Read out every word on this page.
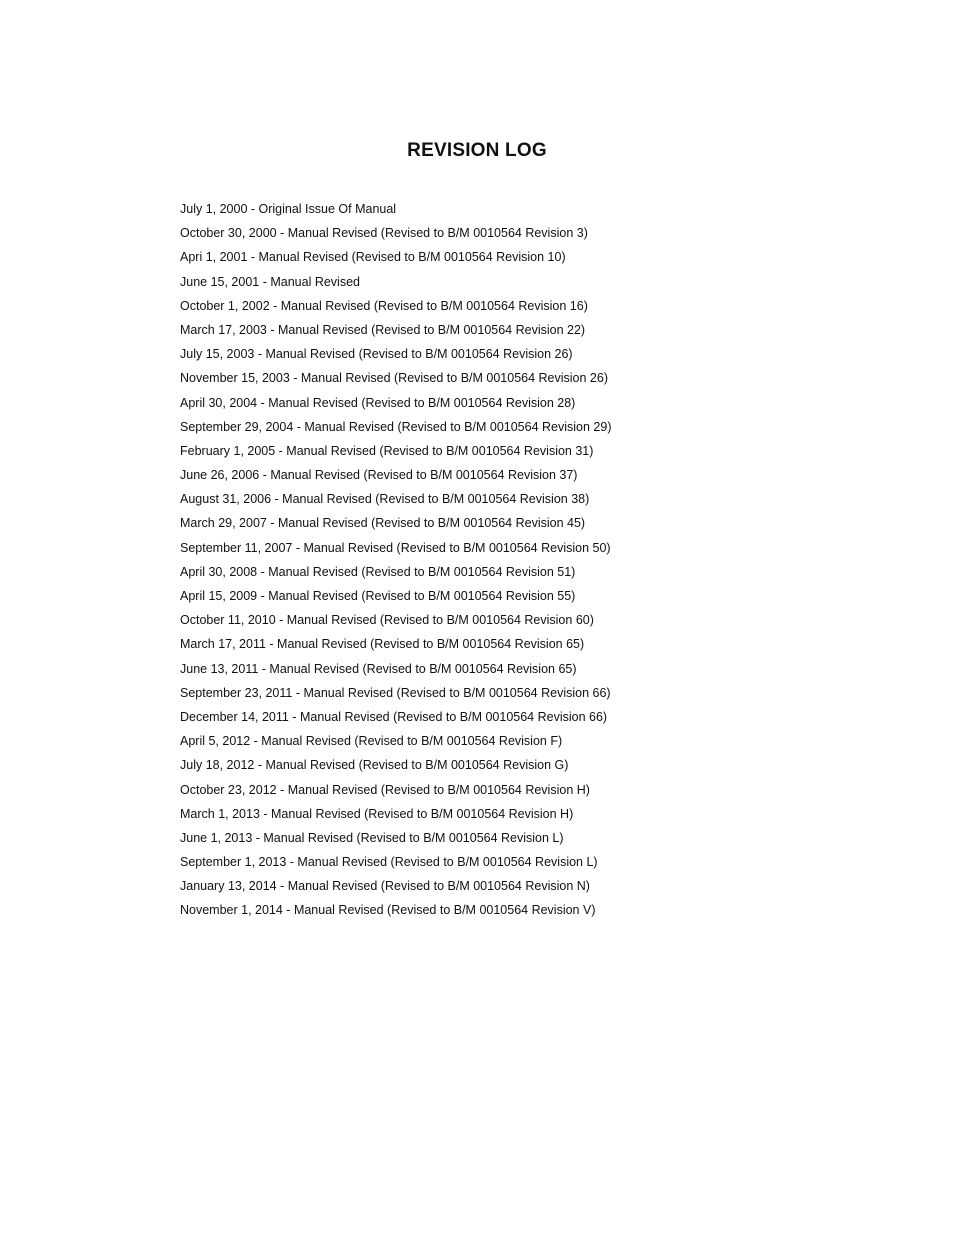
REVISION LOG
July 1, 2000 - Original Issue Of Manual
October 30, 2000 - Manual Revised (Revised to B/M 0010564 Revision 3)
Apri 1, 2001 - Manual Revised (Revised to B/M 0010564 Revision 10)
June 15, 2001 - Manual Revised
October 1, 2002 - Manual Revised (Revised to B/M 0010564 Revision 16)
March 17, 2003 - Manual Revised (Revised to B/M 0010564 Revision 22)
July 15, 2003 - Manual Revised (Revised to B/M 0010564 Revision 26)
November 15, 2003 - Manual Revised (Revised to B/M 0010564 Revision 26)
April 30, 2004 - Manual Revised (Revised to B/M 0010564 Revision 28)
September 29, 2004 - Manual Revised (Revised to B/M 0010564 Revision 29)
February 1, 2005 - Manual Revised (Revised to B/M 0010564 Revision 31)
June 26, 2006 - Manual Revised (Revised to B/M 0010564 Revision 37)
August 31, 2006 - Manual Revised (Revised to B/M 0010564 Revision 38)
March 29, 2007 - Manual Revised (Revised to B/M 0010564 Revision 45)
September 11, 2007 - Manual Revised (Revised to B/M 0010564 Revision 50)
April 30, 2008 - Manual Revised (Revised to B/M 0010564 Revision 51)
April 15, 2009 - Manual Revised (Revised to B/M 0010564 Revision 55)
October 11, 2010 - Manual Revised (Revised to B/M 0010564 Revision 60)
March 17, 2011 - Manual Revised (Revised to B/M 0010564 Revision 65)
June 13, 2011 - Manual Revised (Revised to B/M 0010564 Revision 65)
September 23, 2011 - Manual Revised (Revised to B/M 0010564 Revision 66)
December 14, 2011 - Manual Revised (Revised to B/M 0010564 Revision 66)
April 5, 2012 - Manual Revised (Revised to B/M 0010564 Revision F)
July 18, 2012 - Manual Revised (Revised to B/M 0010564 Revision G)
October 23, 2012 - Manual Revised (Revised to B/M 0010564 Revision H)
March 1, 2013 - Manual Revised (Revised to B/M 0010564 Revision H)
June 1, 2013 - Manual Revised (Revised to B/M 0010564 Revision L)
September 1, 2013 - Manual Revised (Revised to B/M 0010564 Revision L)
January 13, 2014 - Manual Revised (Revised to B/M 0010564 Revision N)
November 1, 2014 - Manual Revised (Revised to B/M 0010564 Revision V)
